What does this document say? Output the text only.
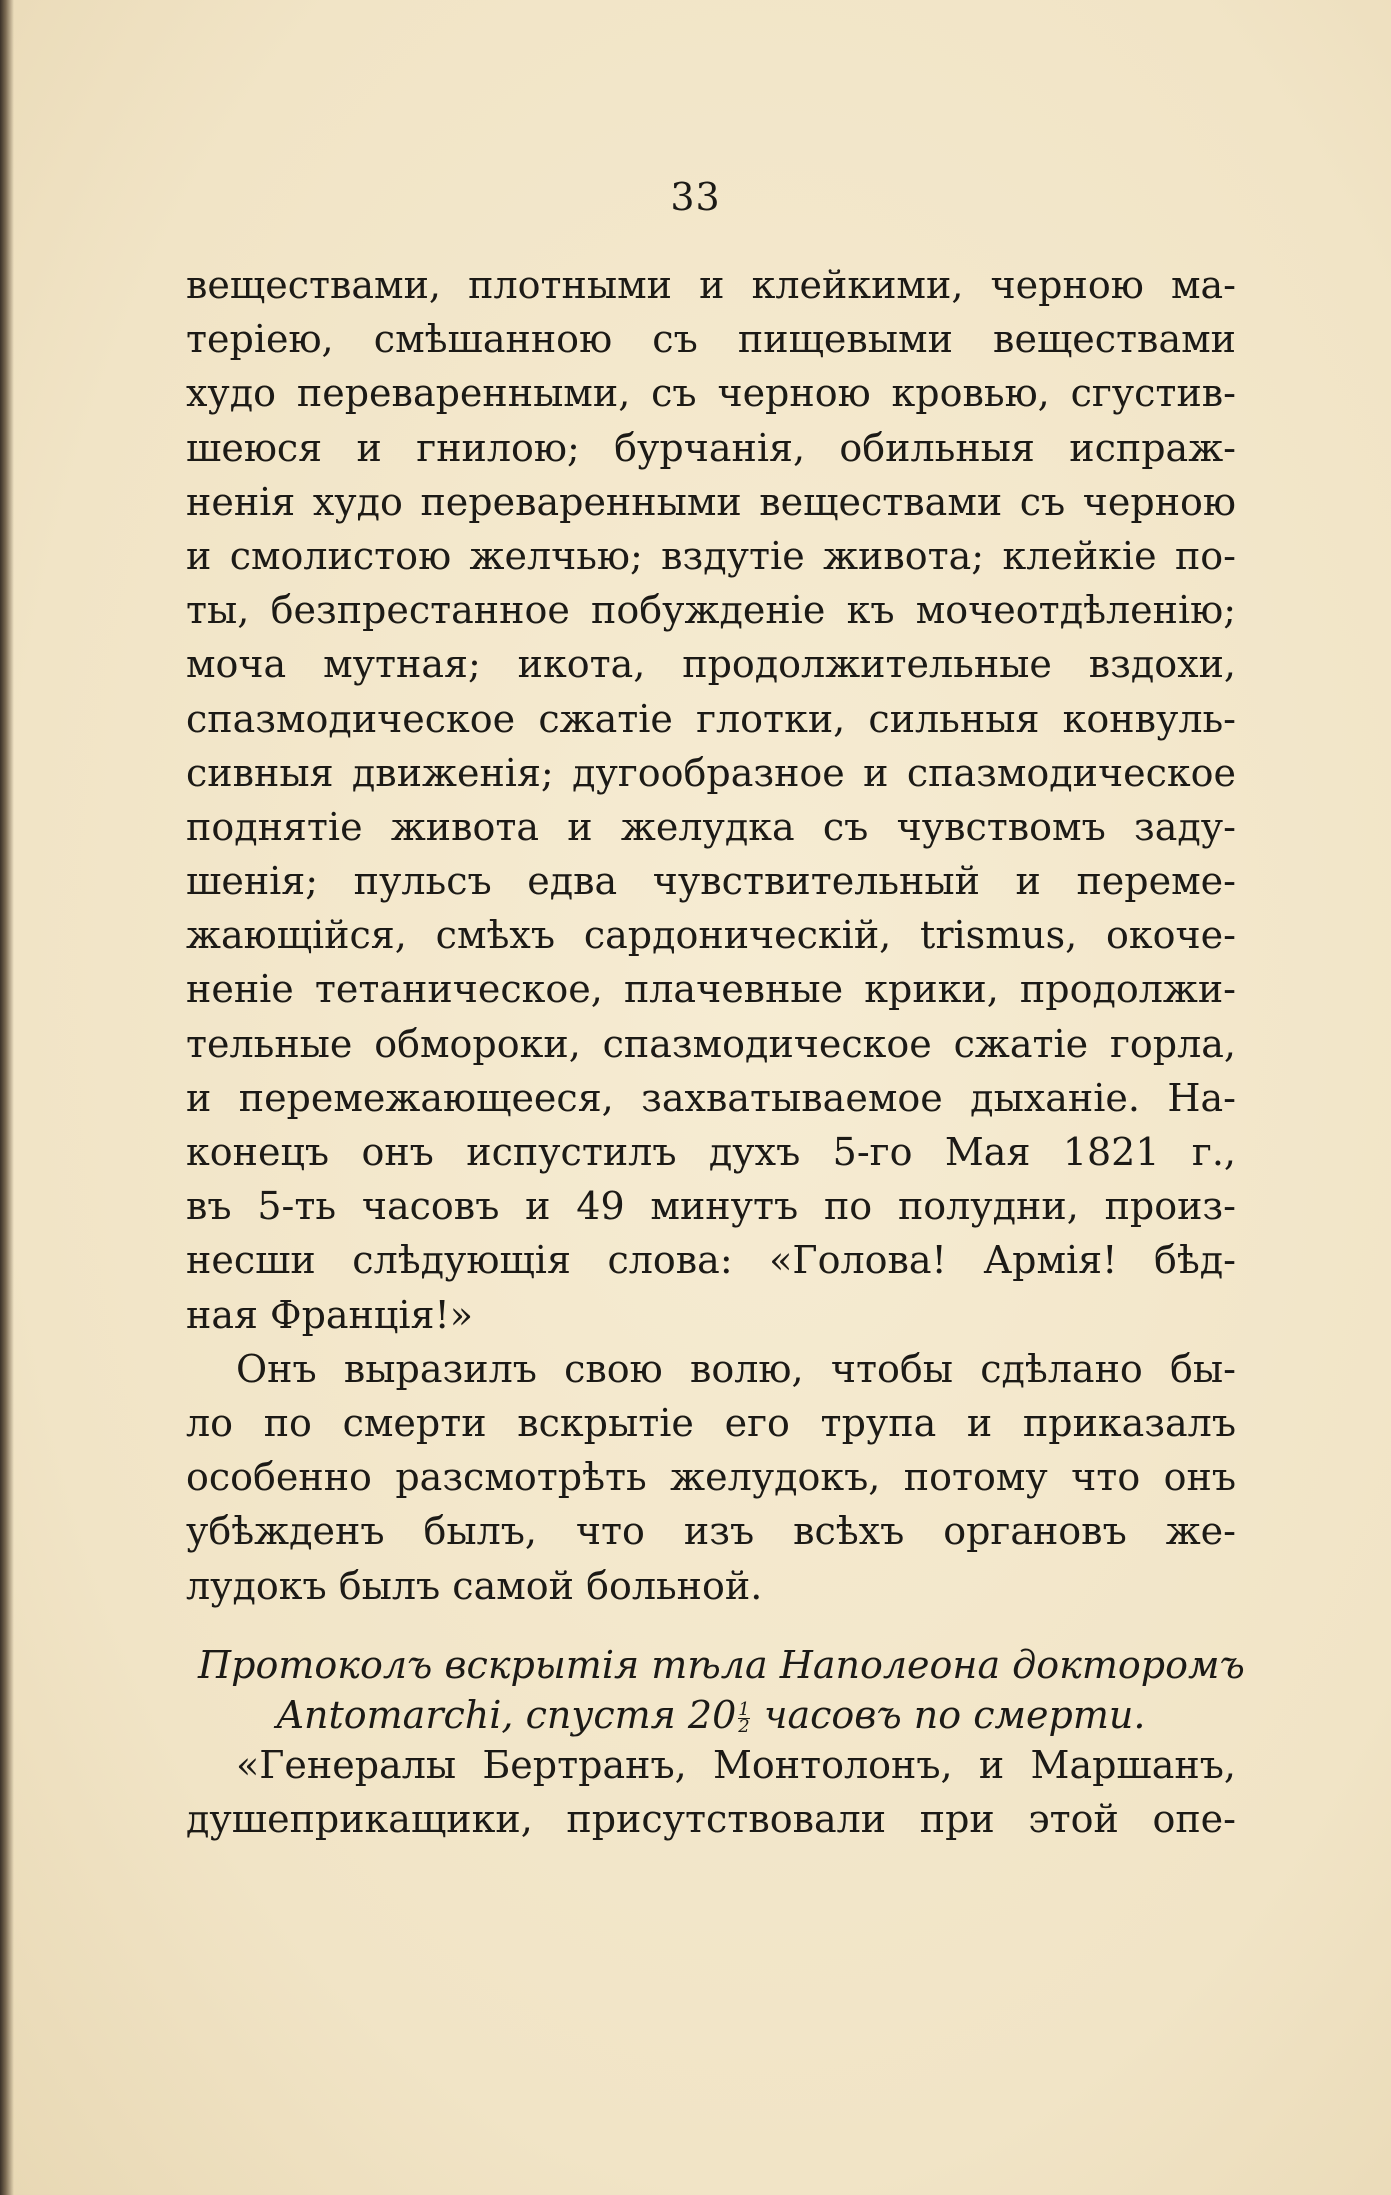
33
веществами, плотными и клейкими, черною ма-
теріею, смѣшанною съ пищевыми веществами
худо переваренными, съ черною кровью, сгустив-
шеюся и гнилою; бурчанія, обильныя испраж-
ненія худо переваренными веществами съ черною
и смолистою желчью; вздутіе живота; клейкіе по-
ты, безпрестанное побужденіе къ мочеотдѣленію;
моча мутная; икота, продолжительные вздохи,
спазмодическое сжатіе глотки, сильныя конвуль-
сивныя движенія; дугообразное и спазмодическое
поднятіе живота и желудка съ чувствомъ заду-
шенія; пульсъ едва чувствительный и переме-
жающійся, смѣхъ сардоническій, trismus, окоче-
неніе тетаническое, плачевные крики, продолжи-
тельные обмороки, спазмодическое сжатіе горла,
и перемежающееся, захватываемое дыханіе. На-
конецъ онъ испустилъ духъ 5-го Мая 1821 г.,
въ 5-ть часовъ и 49 минутъ по полудни, произ-
несши слѣдующія слова: «Голова! Армія! бѣд-
ная Франція!»
Онъ выразилъ свою волю, чтобы сдѣлано бы-
ло по смерти вскрытіе его трупа и приказалъ
особенно разсмотрѣть желудокъ, потому что онъ
убѣжденъ былъ, что изъ всѣхъ органовъ же-
лудокъ былъ самой больной.
Протоколъ вскрытія тѣла Наполеона докторомъ
Antomarchi, спустя $20 \frac{1}{2}$ часовъ по смерти.
«Генералы Бертранъ, Монтолонъ, и Маршанъ,
душеприкащики, присутствовали при этой опе-
